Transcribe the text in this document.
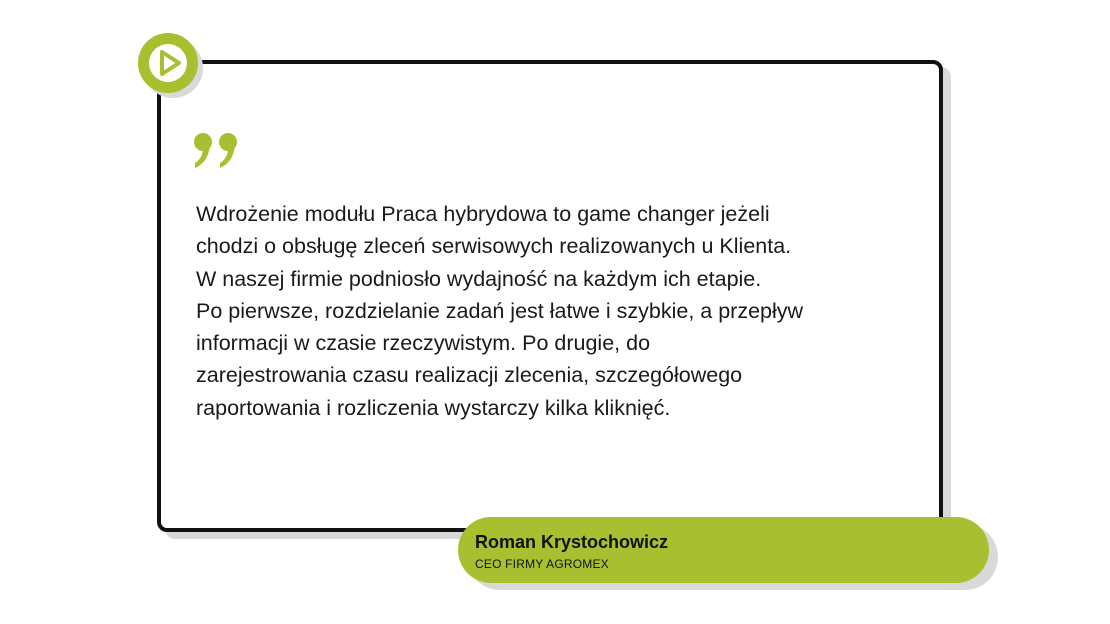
Wdrożenie modułu Praca hybrydowa to game changer jeżeli
chodzi o obsługę zleceń serwisowych realizowanych u Klienta.
W naszej firmie podniosło wydajność na każdym ich etapie.
Po pierwsze, rozdzielanie zadań jest łatwe i szybkie, a przepływ
informacji w czasie rzeczywistym. Po drugie, do
zarejestrowania czasu realizacji zlecenia, szczegółowego
raportowania i rozliczenia wystarczy kilka kliknięć.

Roman Krystochowicz
CEO FIRMY AGROMEX
